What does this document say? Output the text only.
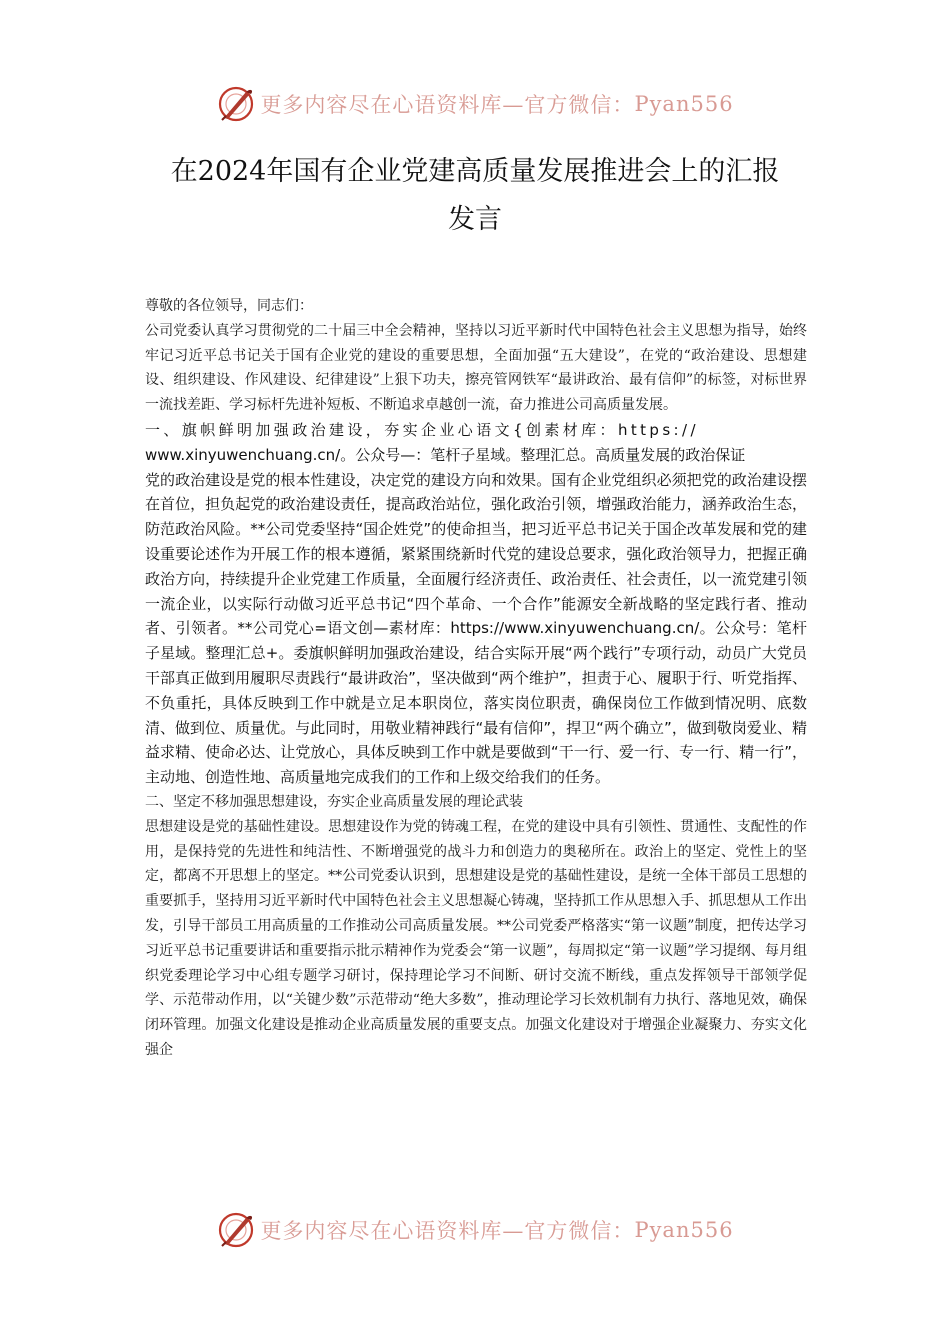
更多内容尽在心语资料库—官方微信： Pyan556
在2024年国有企业党建高质量发展推进会上的汇报
发言

尊敬的各位领导，同志们：

公司党委认真学习贯彻党的二十届三中全会精神，坚持以习近平新时代中国特色社会主义思想为指导，始终牢记习近平总书记关于国有企业党的建设的重要思想，全面加强“五大建设”，在党的“政治建设、思想建设、组织建设、作风建设、纪律建设”上狠下功夫，擦亮管网铁军“最讲政治、最有信仰”的标签，对标世界一流找差距、学习标杆先进补短板、不断追求卓越创一流，奋力推进公司高质量发展。

一、旗帜鲜明加强政治建设，夯实企业心语文{创素材库：https://

www.xinyuwenchuang.cn/。公众号—：笔杆子星域。整理汇总。高质量发展的政治保证

党的政治建设是党的根本性建设，决定党的建设方向和效果。国有企业党组织必须把党的政治建设摆在首位，担负起党的政治建设责任，提高政治站位，强化政治引领，增强政治能力，涵养政治生态，防范政治风险。**公司党委坚持“国企姓党”的使命担当，把习近平总书记关于国企改革发展和党的建设重要论述作为开展工作的根本遵循，紧紧围绕新时代党的建设总要求，强化政治领导力，把握正确政治方向，持续提升企业党建工作质量，全面履行经济责任、政治责任、社会责任，以一流党建引领一流企业，以实际行动做习近平总书记“四个革命、一个合作”能源安全新战略的坚定践行者、推动者、引领者。**公司党心=语文创—素材库：https://www.xinyuwenchuang.cn/。公众号：笔杆子星域。整理汇总+。委旗帜鲜明加强政治建设，结合实际开展“两个践行”专项行动，动员广大党员干部真正做到用履职尽责践行“最讲政治”，坚决做到“两个维护”，担责于心、履职于行、听党指挥、不负重托，具体反映到工作中就是立足本职岗位，落实岗位职责，确保岗位工作做到情况明、底数清、做到位、质量优。与此同时，用敬业精神践行“最有信仰”，捍卫“两个确立”，做到敬岗爱业、精益求精、使命必达、让党放心，具体反映到工作中就是要做到“干一行、爱一行、专一行、精一行”，主动地、创造性地、高质量地完成我们的工作和上级交给我们的任务。

二、坚定不移加强思想建设，夯实企业高质量发展的理论武装

思想建设是党的基础性建设。思想建设作为党的铸魂工程，在党的建设中具有引领性、贯通性、支配性的作用，是保持党的先进性和纯洁性、不断增强党的战斗力和创造力的奥秘所在。政治上的坚定、党性上的坚定，都离不开思想上的坚定。**公司党委认识到，思想建设是党的基础性建设，是统一全体干部员工思想的重要抓手，坚持用习近平新时代中国特色社会主义思想凝心铸魂，坚持抓工作从思想入手、抓思想从工作出发，引导干部员工用高质量的工作推动公司高质量发展。**公司党委严格落实“第一议题”制度，把传达学习习近平总书记重要讲话和重要指示批示精神作为党委会“第一议题”，每周拟定“第一议题”学习提纲、每月组织党委理论学习中心组专题学习研讨，保持理论学习不间断、研讨交流不断线，重点发挥领导干部领学促学、示范带动作用，以“关键少数”示范带动“绝大多数”，推动理论学习长效机制有力执行、落地见效，确保闭环管理。加强文化建设是推动企业高质量发展的重要支点。加强文化建设对于增强企业凝聚力、夯实文化强企

更多内容尽在心语资料库—官方微信： Pyan556
